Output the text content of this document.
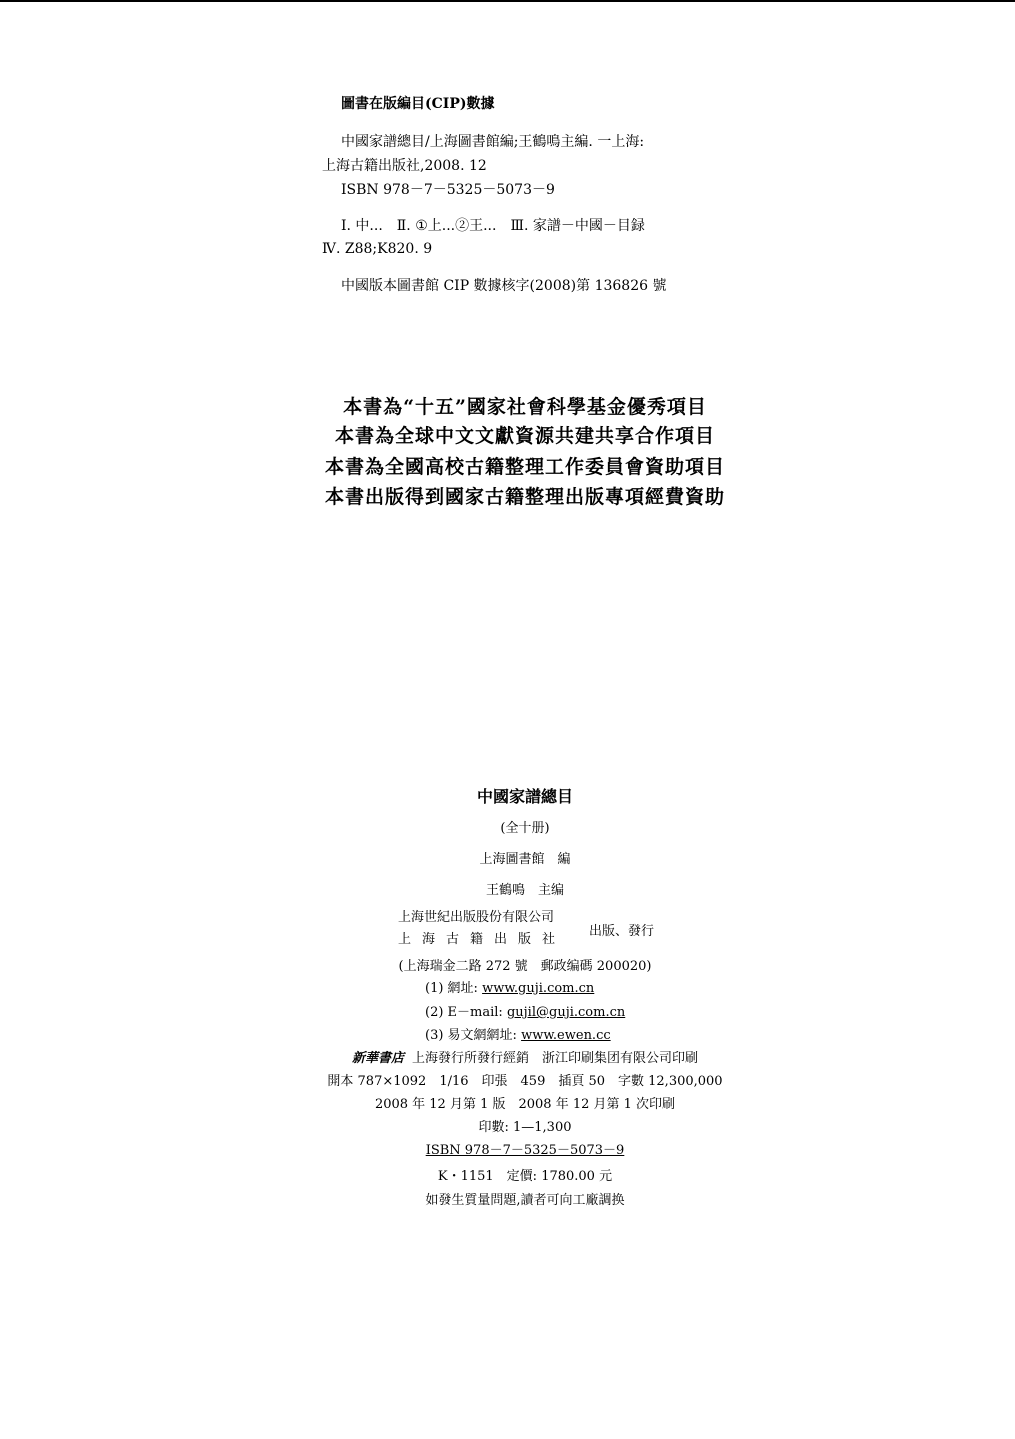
圖書在版編目(CIP)數據
中國家譜總目/上海圖書館編;王鶴鳴主編. 一上海:
上海古籍出版社,2008. 12
ISBN 978－7－5325－5073－9
Ⅰ. 中...　Ⅱ. ①上...②王...　Ⅲ. 家譜－中國－目録
Ⅳ. Z88;K820. 9
中國版本圖書館 CIP 數據核字(2008)第 136826 號
本書為“十五”國家社會科學基金優秀項目
本書為全球中文文獻資源共建共享合作項目
本書為全國高校古籍整理工作委員會資助項目
本書出版得到國家古籍整理出版專項經費資助
中國家譜總目
(全十册)
上海圖書館　編
王鶴鳴　主编
上海世紀出版股份有限公司
上海古籍出版社
出版、發行
(上海瑞金二路 272 號　郵政编碼 200020)
(1) 網址: www.guji.com.cn
(2) E－mail: gujil@guji.com.cn
(3) 易文網網址: www.ewen.cc
新華書店 上海發行所發行經銷　浙江印刷集团有限公司印刷
開本 787×1092　1/16　印張　459　插頁 50　字數 12,300,000
2008 年 12 月第 1 版　2008 年 12 月第 1 次印刷
印數: 1—1,300
ISBN 978－7－5325－5073－9
K・1151　定價: 1780.00 元
如發生質量問題,讀者可向工廠調换
